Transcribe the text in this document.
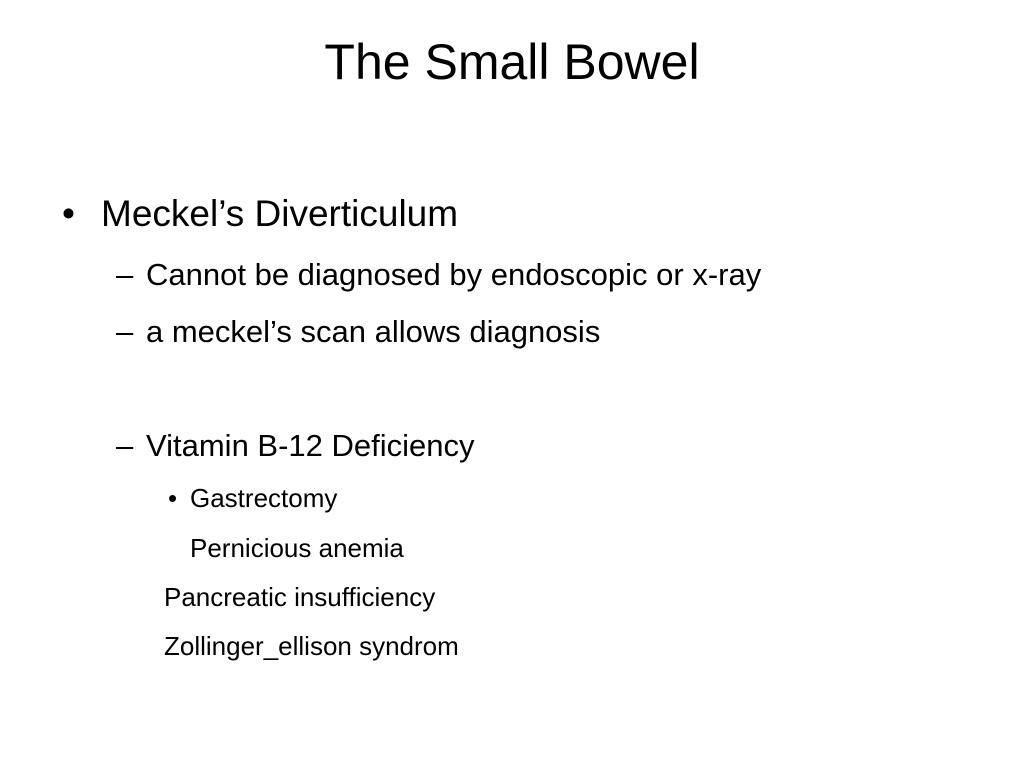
The Small Bowel
• Meckel’s Diverticulum
– Cannot be diagnosed by endoscopic or x-ray
– a meckel’s scan allows diagnosis
– Vitamin B-12 Deficiency
• Gastrectomy
Pernicious anemia
Pancreatic insufficiency
Zollinger_ellison syndrom
